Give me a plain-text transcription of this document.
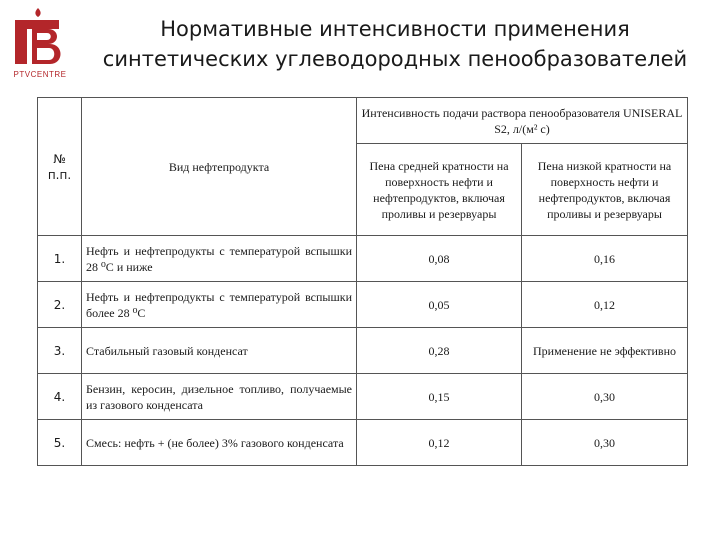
PTVCENTRE
Нормативные интенсивности применения
синтетических углеводородных пенообразователей
№ п.п.	Вид нефтепродукта	Интенсивность подачи раствора пенообразователя UNISERAL S2, л/(м² с)	
		Пена средней кратности на поверхность нефти и нефтепродуктов, включая проливы и резервуары	Пена низкой кратности на поверхность нефти и нефтепродуктов, включая проливы и резервуары
1.	Нефть и нефтепродукты с температурой вспышки 28 ⁰С и ниже	0,08	0,16
2.	Нефть и нефтепродукты с температурой вспышки более 28 ⁰С	0,05	0,12
3.	Стабильный газовый конденсат	0,28	Применение не эффективно
4.	Бензин, керосин, дизельное топливо, получаемые из газового конденсата	0,15	0,30
5.	Смесь: нефть + (не более) 3% газового конденсата	0,12	0,30
